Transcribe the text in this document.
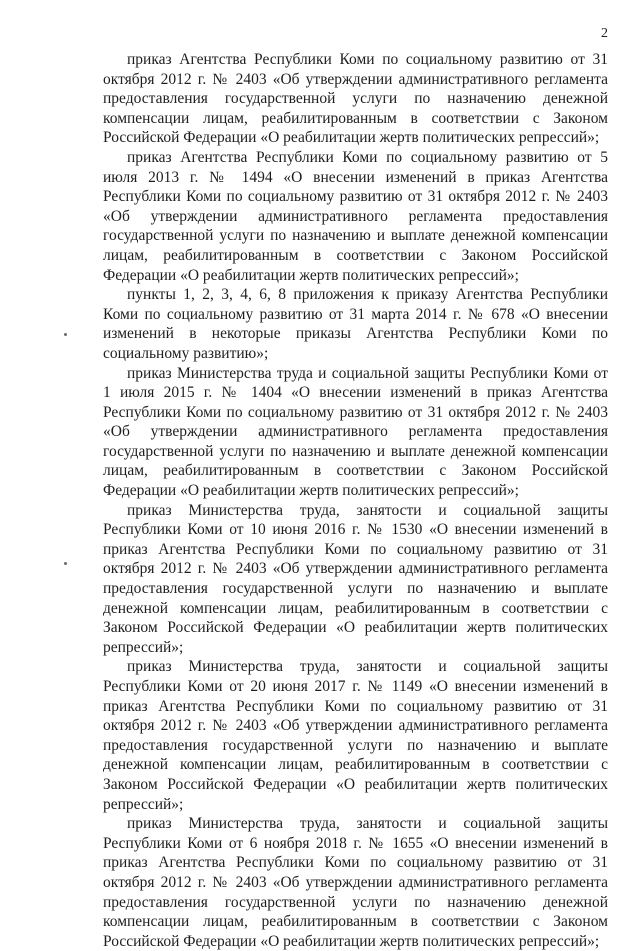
2

приказ Агентства Республики Коми по социальному развитию от 31 октября 2012 г. № 2403 «Об утверждении административного регламента предоставления государственной услуги по назначению денежной компенсации лицам, реабилитированным в соответствии с Законом Российской Федерации «О реабилитации жертв политических репрессий»;

приказ Агентства Республики Коми по социальному развитию от 5 июля 2013 г. № 1494 «О внесении изменений в приказ Агентства Республики Коми по социальному развитию от 31 октября 2012 г. № 2403 «Об утверждении административного регламента предоставления государственной услуги по назначению и выплате денежной компенсации лицам, реабилитированным в соответствии с Законом Российской Федерации «О реабилитации жертв политических репрессий»;

пункты 1, 2, 3, 4, 6, 8 приложения к приказу Агентства Республики Коми по социальному развитию от 31 марта 2014 г. № 678 «О внесении изменений в некоторые приказы Агентства Республики Коми по социальному развитию»;

приказ Министерства труда и социальной защиты Республики Коми от 1 июля 2015 г. № 1404 «О внесении изменений в приказ Агентства Республики Коми по социальному развитию от 31 октября 2012 г. № 2403 «Об утверждении административного регламента предоставления государственной услуги по назначению и выплате денежной компенсации лицам, реабилитированным в соответствии с Законом Российской Федерации «О реабилитации жертв политических репрессий»;

приказ Министерства труда, занятости и социальной защиты Республики Коми от 10 июня 2016 г. № 1530 «О внесении изменений в приказ Агентства Республики Коми по социальному развитию от 31 октября 2012 г. № 2403 «Об утверждении административного регламента предоставления государственной услуги по назначению и выплате денежной компенсации лицам, реабилитированным в соответствии с Законом Российской Федерации «О реабилитации жертв политических репрессий»;

приказ Министерства труда, занятости и социальной защиты Республики Коми от 20 июня 2017 г. № 1149 «О внесении изменений в приказ Агентства Республики Коми по социальному развитию от 31 октября 2012 г. № 2403 «Об утверждении административного регламента предоставления государственной услуги по назначению и выплате денежной компенсации лицам, реабилитированным в соответствии с Законом Российской Федерации «О реабилитации жертв политических репрессий»;

приказ Министерства труда, занятости и социальной защиты Республики Коми от 6 ноября 2018 г. № 1655 «О внесении изменений в приказ Агентства Республики Коми по социальному развитию от 31 октября 2012 г. № 2403 «Об утверждении административного регламента предоставления государственной услуги по назначению денежной компенсации лицам, реабилитированным в соответствии с Законом Российской Федерации «О реабилитации жертв политических репрессий»;
